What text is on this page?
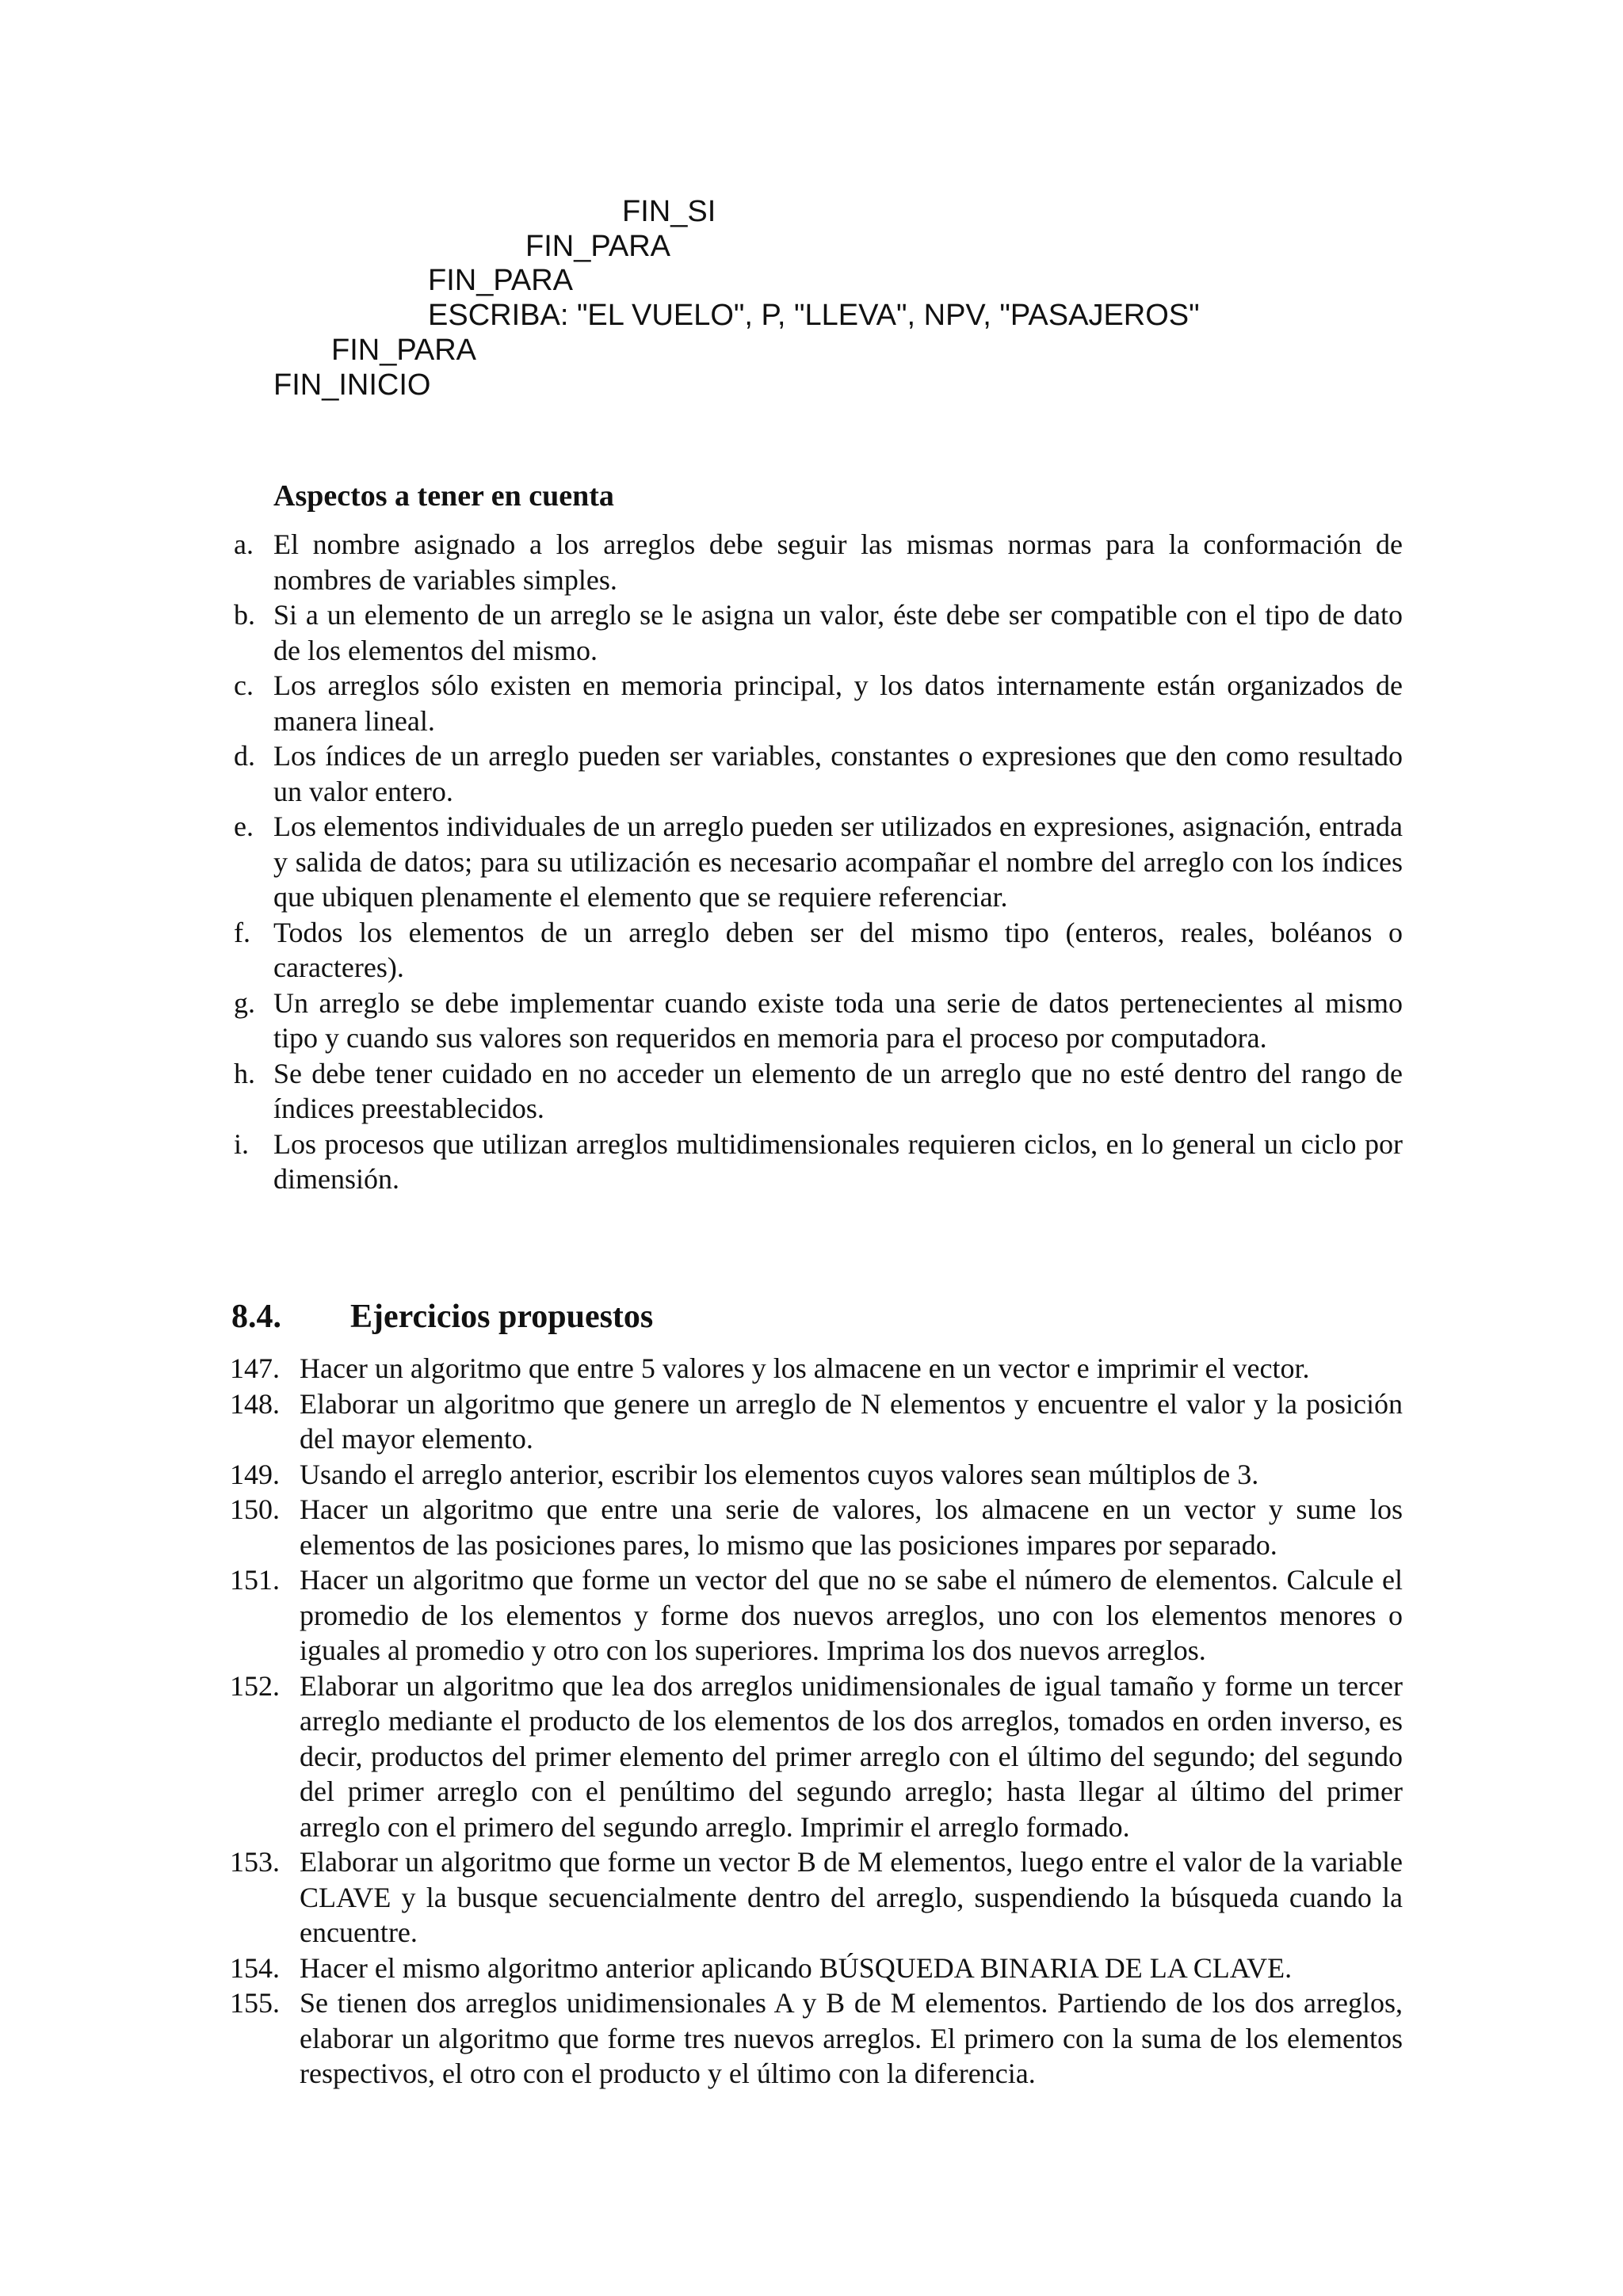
FIN_SI
FIN_PARA
FIN_PARA
ESCRIBA: "EL VUELO", P, "LLEVA", NPV, "PASAJEROS"
FIN_PARA
FIN_INICIO
Aspectos a tener en cuenta
a. El nombre asignado a los arreglos debe seguir las mismas normas para la conformación de nombres de variables simples.
b. Si a un elemento de un arreglo se le asigna un valor, éste debe ser compatible con el tipo de dato de los elementos del mismo.
c. Los arreglos sólo existen en memoria principal, y los datos internamente están organizados de manera lineal.
d. Los índices de un arreglo pueden ser variables, constantes o expresiones que den como resultado un valor entero.
e. Los elementos individuales de un arreglo pueden ser utilizados en expresiones, asignación, entrada y salida de datos; para su utilización es necesario acompañar el nombre del arreglo con los índices que ubiquen plenamente el elemento que se requiere referenciar.
f. Todos los elementos de un arreglo deben ser del mismo tipo (enteros, reales, boléanos o caracteres).
g. Un arreglo se debe implementar cuando existe toda una serie de datos pertenecientes al mismo tipo y cuando sus valores son requeridos en memoria para el proceso por computadora.
h. Se debe tener cuidado en no acceder un elemento de un arreglo que no esté dentro del rango de índices preestablecidos.
i. Los procesos que utilizan arreglos multidimensionales requieren ciclos, en lo general un ciclo por dimensión.
8.4. Ejercicios propuestos
147. Hacer un algoritmo que entre 5 valores y los almacene en un vector e imprimir el vector.
148. Elaborar un algoritmo que genere un arreglo de N elementos y encuentre el valor y la posición del mayor elemento.
149. Usando el arreglo anterior, escribir los elementos cuyos valores sean múltiplos de 3.
150. Hacer un algoritmo que entre una serie de valores, los almacene en un vector y sume los elementos de las posiciones pares, lo mismo que las posiciones impares por separado.
151. Hacer un algoritmo que forme un vector del que no se sabe el número de elementos. Calcule el promedio de los elementos y forme dos nuevos arreglos, uno con los elementos menores o iguales al promedio y otro con los superiores. Imprima los dos nuevos arreglos.
152. Elaborar un algoritmo que lea dos arreglos unidimensionales de igual tamaño y forme un tercer arreglo mediante el producto de los elementos de los dos arreglos, tomados en orden inverso, es decir, productos del primer elemento del primer arreglo con el último del segundo; del segundo del primer arreglo con el penúltimo del segundo arreglo; hasta llegar al último del primer arreglo con el primero del segundo arreglo. Imprimir el arreglo formado.
153. Elaborar un algoritmo que forme un vector B de M elementos, luego entre el valor de la variable CLAVE y la busque secuencialmente dentro del arreglo, suspendiendo la búsqueda cuando la encuentre.
154. Hacer el mismo algoritmo anterior aplicando BÚSQUEDA BINARIA DE LA CLAVE.
155. Se tienen dos arreglos unidimensionales A y B de M elementos. Partiendo de los dos arreglos, elaborar un algoritmo que forme tres nuevos arreglos. El primero con la suma de los elementos respectivos, el otro con el producto y el último con la diferencia.
